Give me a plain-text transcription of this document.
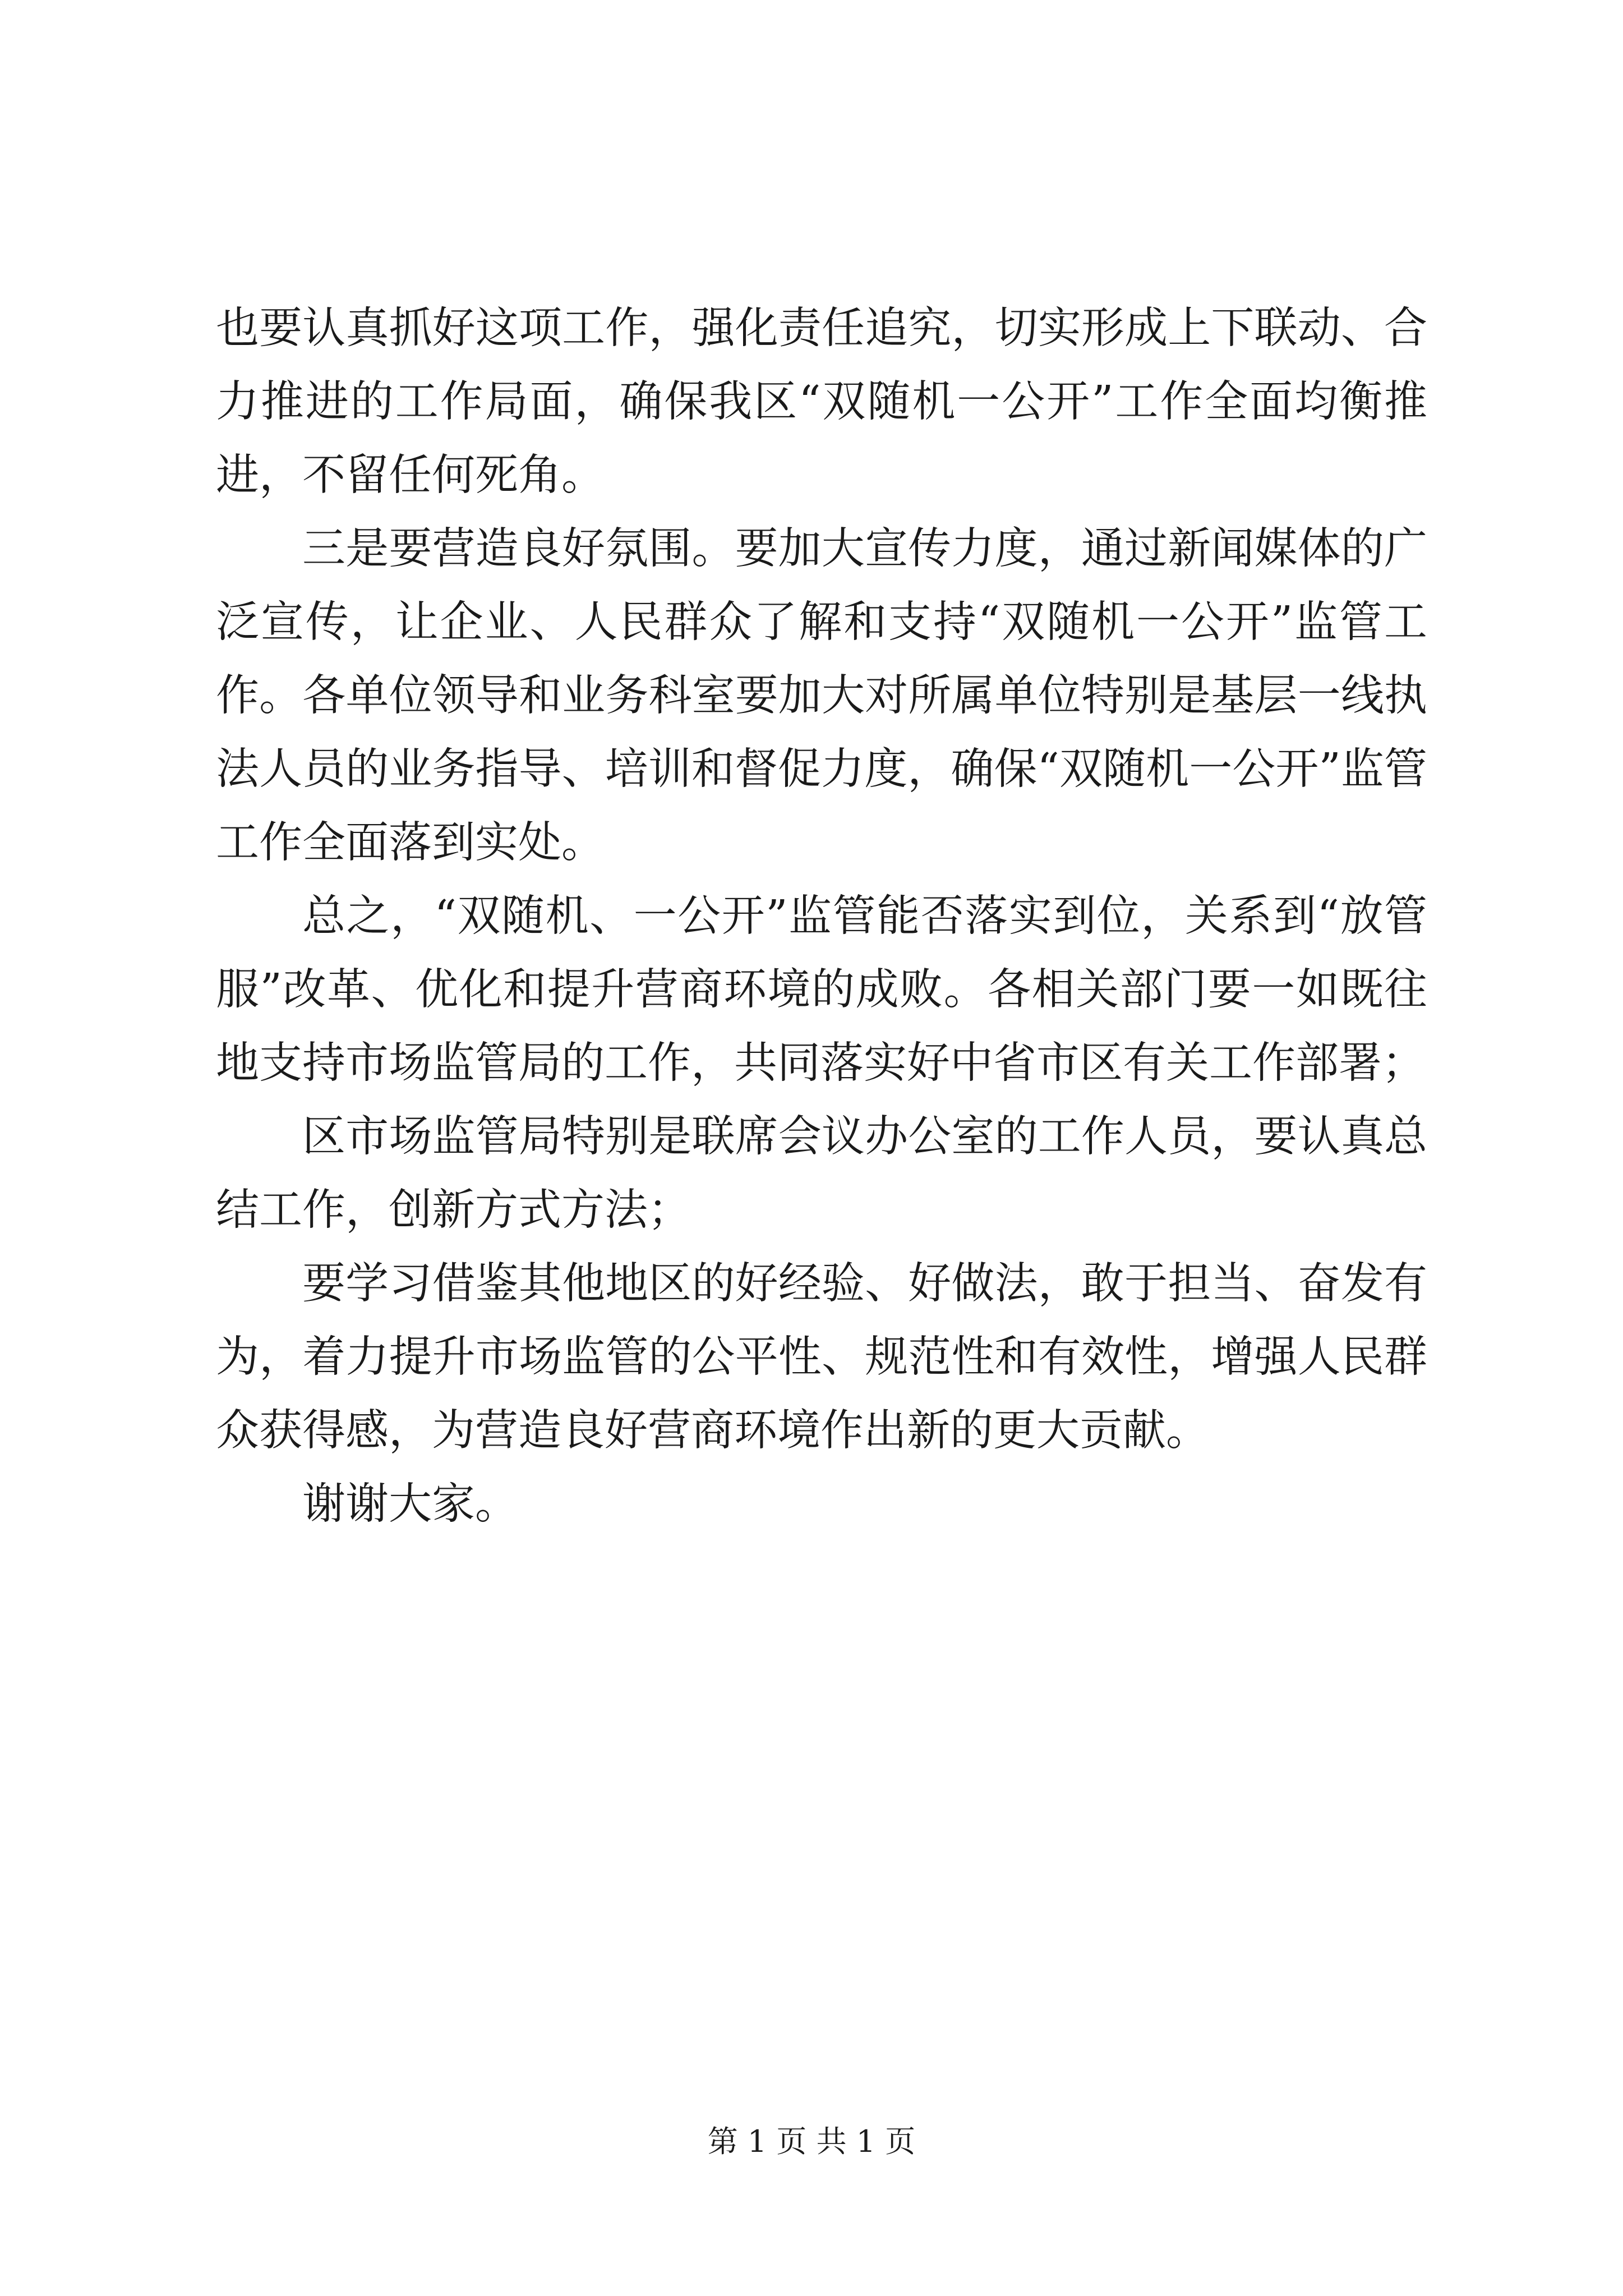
也要认真抓好这项工作，强化责任追究，切实形成上下联动、合力推进的工作局面，确保我区“双随机一公开”工作全面均衡推进，不留任何死角。

三是要营造良好氛围。要加大宣传力度，通过新闻媒体的广泛宣传，让企业、人民群众了解和支持“双随机一公开”监管工作。各单位领导和业务科室要加大对所属单位特别是基层一线执法人员的业务指导、培训和督促力度，确保“双随机一公开”监管工作全面落到实处。

总之，“双随机、一公开”监管能否落实到位，关系到“放管服”改革、优化和提升营商环境的成败。各相关部门要一如既往地支持市场监管局的工作，共同落实好中省市区有关工作部署；

区市场监管局特别是联席会议办公室的工作人员，要认真总结工作，创新方式方法；

要学习借鉴其他地区的好经验、好做法，敢于担当、奋发有为，着力提升市场监管的公平性、规范性和有效性，增强人民群众获得感，为营造良好营商环境作出新的更大贡献。

谢谢大家。

第 1 页 共 1 页
